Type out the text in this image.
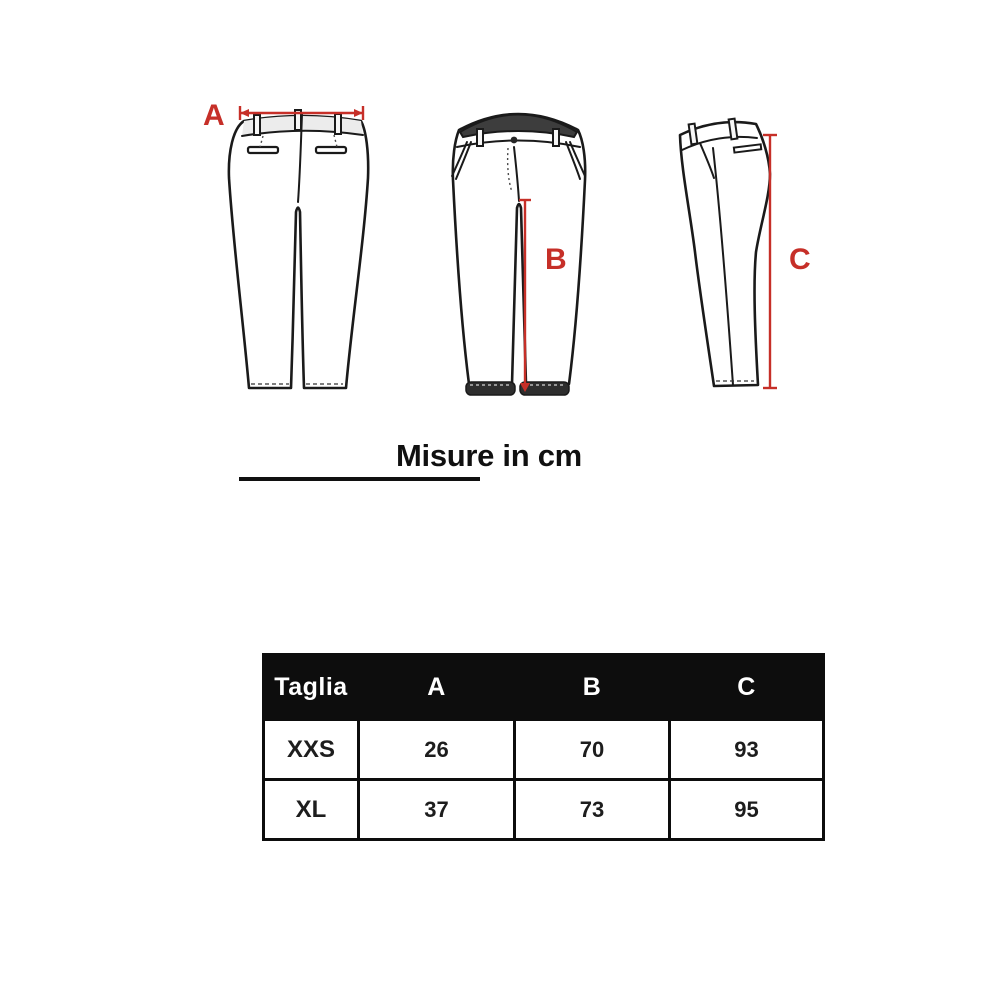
A
B	C
Misure in cm
Taglia	A	B	C
XXS	26	70	93
XL	37	73	95
